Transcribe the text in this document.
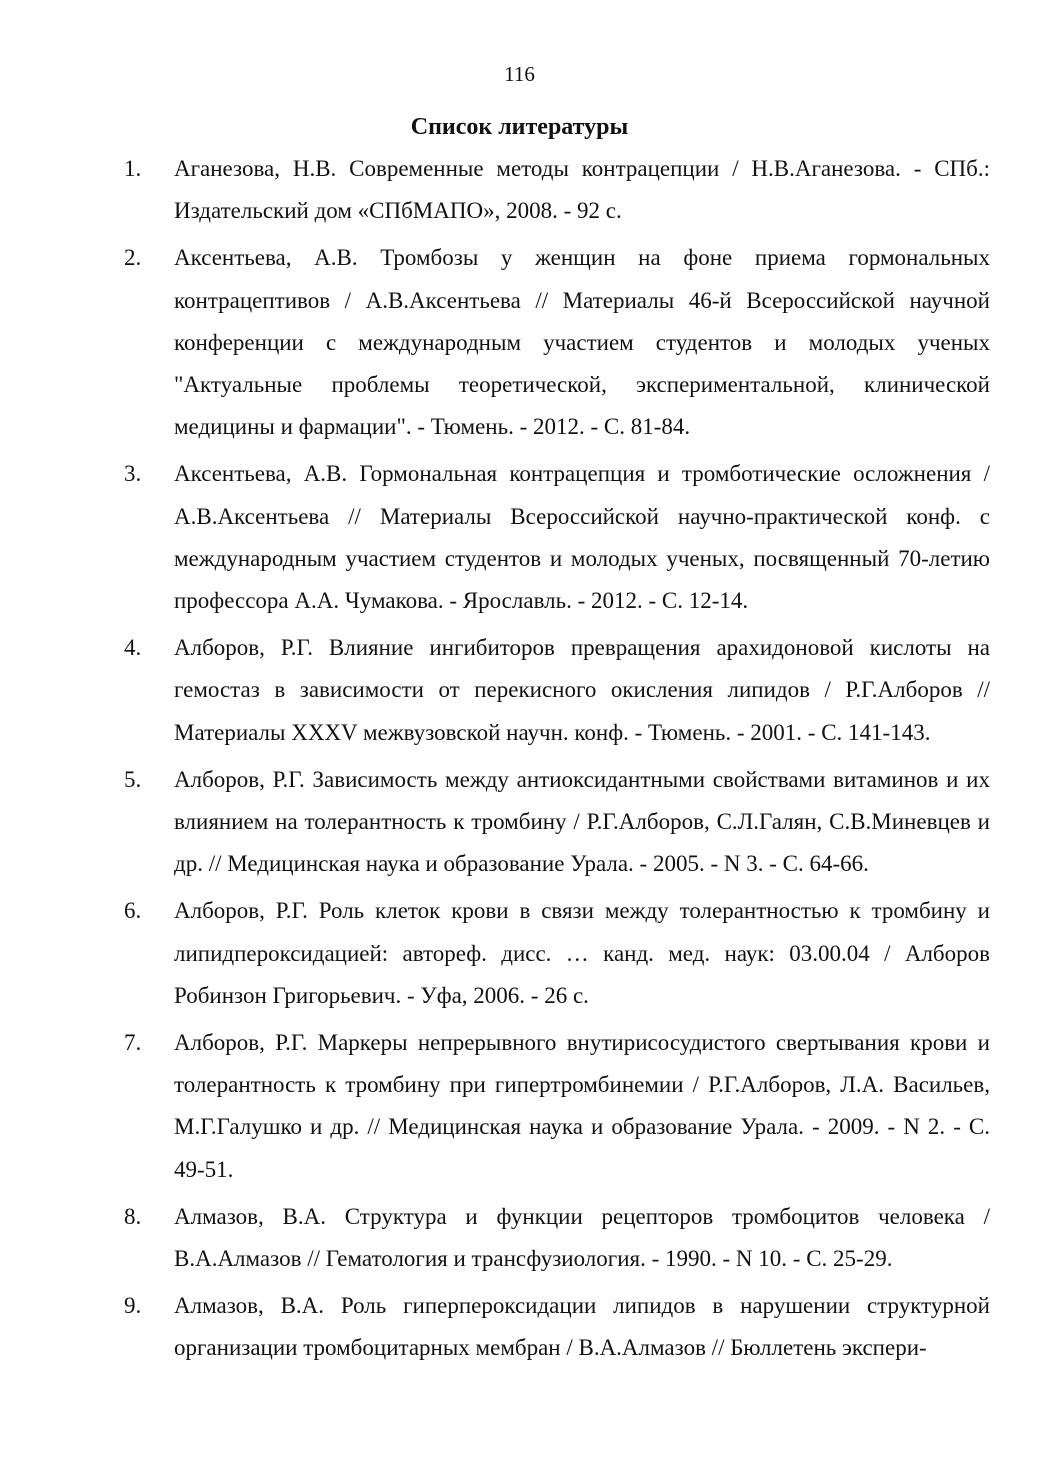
116
Список литературы
1. Аганезова, Н.В. Современные методы контрацепции / Н.В.Аганезова. - СПб.: Издательский дом «СПбМАПО», 2008. - 92 с.
2. Аксентьева, А.В. Тромбозы у женщин на фоне приема гормональных контрацептивов / А.В.Аксентьева // Материалы 46-й Всероссийской научной конференции с международным участием студентов и молодых ученых "Актуальные проблемы теоретической, экспериментальной, клинической медицины и фармации". - Тюмень. - 2012. - С. 81-84.
3. Аксентьева, А.В. Гормональная контрацепция и тромботические осложнения / А.В.Аксентьева // Материалы Всероссийской научно-практической конф. с международным участием студентов и молодых ученых, посвященный 70-летию профессора А.А. Чумакова. - Ярославль. - 2012. - С. 12-14.
4. Алборов, Р.Г. Влияние ингибиторов превращения арахидоновой кислоты на гемостаз в зависимости от перекисного окисления липидов / Р.Г.Алборов // Материалы XXXV межвузовской научн. конф. - Тюмень. - 2001. - С. 141-143.
5. Алборов, Р.Г. Зависимость между антиоксидантными свойствами витаминов и их влиянием на толерантность к тромбину / Р.Г.Алборов, С.Л.Галян, С.В.Миневцев и др. // Медицинская наука и образование Урала. - 2005. - N 3. - С. 64-66.
6. Алборов, Р.Г. Роль клеток крови в связи между толерантностью к тромбину и липидпероксидацией: автореф. дисс. … канд. мед. наук: 03.00.04 / Алборов Робинзон Григорьевич. - Уфа, 2006. - 26 с.
7. Алборов, Р.Г. Маркеры непрерывного внутирисосудистого свертывания крови и толерантность к тромбину при гипертромбинемии / Р.Г.Алборов, Л.А. Васильев, М.Г.Галушко и др. // Медицинская наука и образование Урала. - 2009. - N 2. - С. 49-51.
8. Алмазов, В.А. Структура и функции рецепторов тромбоцитов человека / В.А.Алмазов // Гематология и трансфузиология. - 1990. - N 10. - С. 25-29.
9. Алмазов, В.А. Роль гиперпероксидации липидов в нарушении структурной организации тромбоцитарных мембран / В.А.Алмазов // Бюллетень экспери-
